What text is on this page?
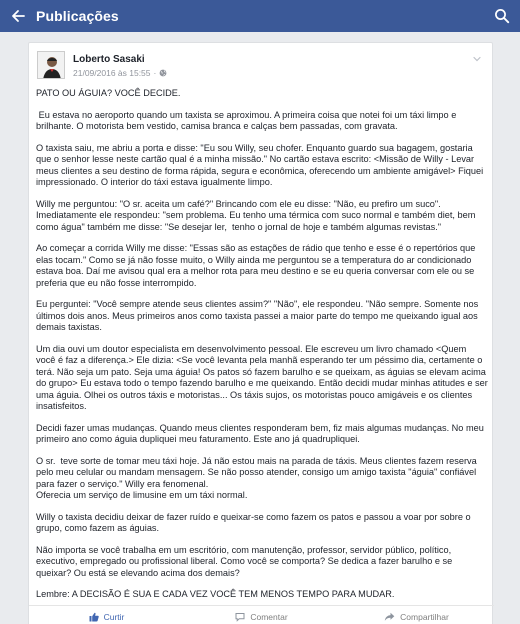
Publicações
Loberto Sasaki
21/09/2016 às 15:55 ·

PATO OU ÁGUIA? VOCÊ DECIDE.

Eu estava no aeroporto quando um taxista se aproximou. A primeira coisa que notei foi um táxi limpo e brilhante. O motorista bem vestido, camisa branca e calças bem passadas, com gravata.

O taxista saiu, me abriu a porta e disse: "Eu sou Willy, seu chofer. Enquanto guardo sua bagagem, gostaria que o senhor lesse neste cartão qual é a minha missão." No cartão estava escrito: <Missão de Willy - Levar meus clientes a seu destino de forma rápida, segura e econômica, oferecendo um ambiente amigável> Fiquei impressionado. O interior do táxi estava igualmente limpo.

Willy me perguntou: "O sr. aceita um café?" Brincando com ele eu disse: "Não, eu prefiro um suco". Imediatamente ele respondeu: "sem problema. Eu tenho uma térmica com suco normal e também diet, bem como água" também me disse: "Se desejar ler,  tenho o jornal de hoje e também algumas revistas."

Ao começar a corrida Willy me disse: "Essas são as estações de rádio que tenho e esse é o repertórios que elas tocam." Como se já não fosse muito, o Willy ainda me perguntou se a temperatura do ar condicionado estava boa. Daí me avisou qual era a melhor rota para meu destino e se eu queria conversar com ele ou se preferia que eu não fosse interrompido.

Eu perguntei: "Você sempre atende seus clientes assim?" "Não", ele respondeu. "Não sempre. Somente nos últimos dois anos. Meus primeiros anos como taxista passei a maior parte do tempo me queixando igual aos demais taxistas.

Um dia ouvi um doutor especialista em desenvolvimento pessoal. Ele escreveu um livro chamado <Quem você é faz a diferença.> Ele dizia: <Se você levanta pela manhã esperando ter um péssimo dia, certamente o terá. Não seja um pato. Seja uma águia! Os patos só fazem barulho e se queixam, as águias se elevam acima do grupo> Eu estava todo o tempo fazendo barulho e me queixando. Então decidi mudar minhas atitudes e ser uma águia. Olhei os outros táxis e motoristas... Os táxis sujos, os motoristas pouco amigáveis e os clientes insatisfeitos.

Decidi fazer umas mudanças. Quando meus clientes responderam bem, fiz mais algumas mudanças. No meu primeiro ano como águia dupliquei meu faturamento. Este ano já quadrupliquei.

O sr.  teve sorte de tomar meu táxi hoje. Já não estou mais na parada de táxis. Meus clientes fazem reserva pelo meu celular ou mandam mensagem. Se não posso atender, consigo um amigo taxista "águia" confiável para fazer o serviço." Willy era fenomenal.
Oferecia um serviço de limusine em um táxi normal.

Willy o taxista decidiu deixar de fazer ruído e queixar-se como fazem os patos e passou a voar por sobre o grupo, como fazem as águias.

Não importa se você trabalha em um escritório, com manutenção, professor, servidor público, político, executivo, empregado ou profissional liberal. Como você se comporta? Se dedica a fazer barulho e se queixar? Ou está se elevando acima dos demais?

Lembre: A DECISÃO É SUA E CADA VEZ VOCÊ TEM MENOS TEMPO PARA MUDAR.

Curtir	Comentar	Compartilhar
